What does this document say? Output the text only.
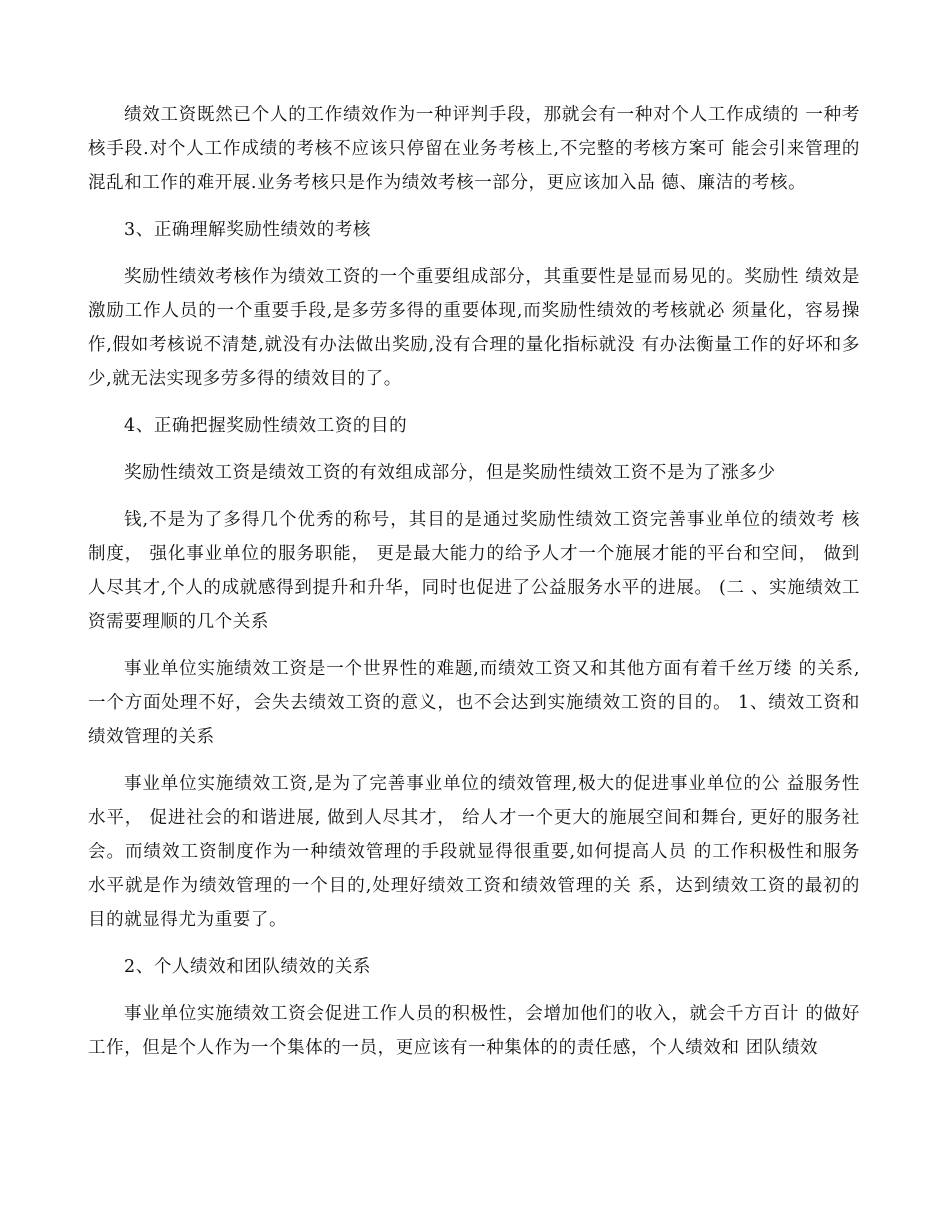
绩效工资既然已个人的工作绩效作为一种评判手段，那就会有一种对个人工作成绩的 一种考核手段.对个人工作成绩的考核不应该只停留在业务考核上,不完整的考核方案可 能会引来管理的混乱和工作的难开展.业务考核只是作为绩效考核一部分，更应该加入品 德、廉洁的考核。

3、正确理解奖励性绩效的考核

奖励性绩效考核作为绩效工资的一个重要组成部分，其重要性是显而易见的。奖励性 绩效是激励工作人员的一个重要手段,是多劳多得的重要体现,而奖励性绩效的考核就必 须量化，容易操作,假如考核说不清楚,就没有办法做出奖励,没有合理的量化指标就没 有办法衡量工作的好坏和多少,就无法实现多劳多得的绩效目的了。

4、正确把握奖励性绩效工资的目的

奖励性绩效工资是绩效工资的有效组成部分，但是奖励性绩效工资不是为了涨多少

钱,不是为了多得几个优秀的称号，其目的是通过奖励性绩效工资完善事业单位的绩效考 核制度， 强化事业单位的服务职能， 更是最大能力的给予人才一个施展才能的平台和空间， 做到人尽其才,个人的成就感得到提升和升华，同时也促进了公益服务水平的进展。 (二 、实施绩效工资需要理顺的几个关系

事业单位实施绩效工资是一个世界性的难题,而绩效工资又和其他方面有着千丝万缕 的关系,一个方面处理不好，会失去绩效工资的意义，也不会达到实施绩效工资的目的。 1、绩效工资和绩效管理的关系

事业单位实施绩效工资,是为了完善事业单位的绩效管理,极大的促进事业单位的公 益服务性水平， 促进社会的和谐进展, 做到人尽其才， 给人才一个更大的施展空间和舞台, 更好的服务社会。而绩效工资制度作为一种绩效管理的手段就显得很重要,如何提高人员 的工作积极性和服务水平就是作为绩效管理的一个目的,处理好绩效工资和绩效管理的关 系，达到绩效工资的最初的目的就显得尤为重要了。

2、个人绩效和团队绩效的关系

事业单位实施绩效工资会促进工作人员的积极性，会增加他们的收入，就会千方百计 的做好工作，但是个人作为一个集体的一员，更应该有一种集体的的责任感，个人绩效和 团队绩效
